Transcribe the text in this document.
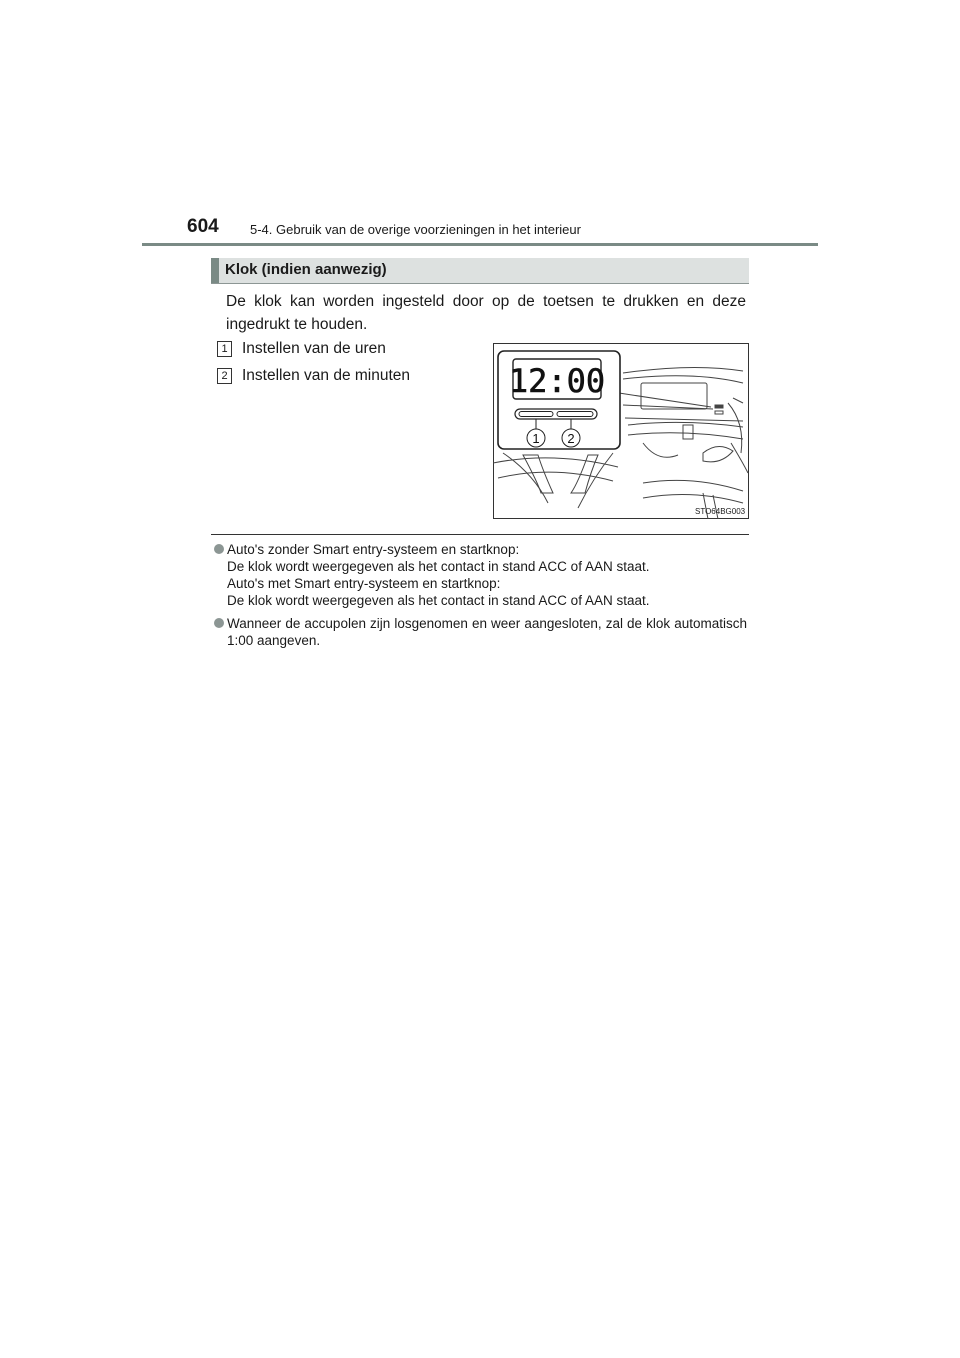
604 5-4. Gebruik van de overige voorzieningen in het interieur
Klok (indien aanwezig)
De klok kan worden ingesteld door op de toetsen te drukken en deze ingedrukt te houden.
1 Instellen van de uren
2 Instellen van de minuten	12:00
1 2
STO64BG003

Auto's zonder Smart entry-systeem en startknop:

De klok wordt weergegeven als het contact in stand ACC of AAN staat.

Auto's met Smart entry-systeem en startknop:

De klok wordt weergegeven als het contact in stand ACC of AAN staat.

Wanneer de accupolen zijn losgenomen en weer aangesloten, zal de klok automatisch 1:00 aangeven.
